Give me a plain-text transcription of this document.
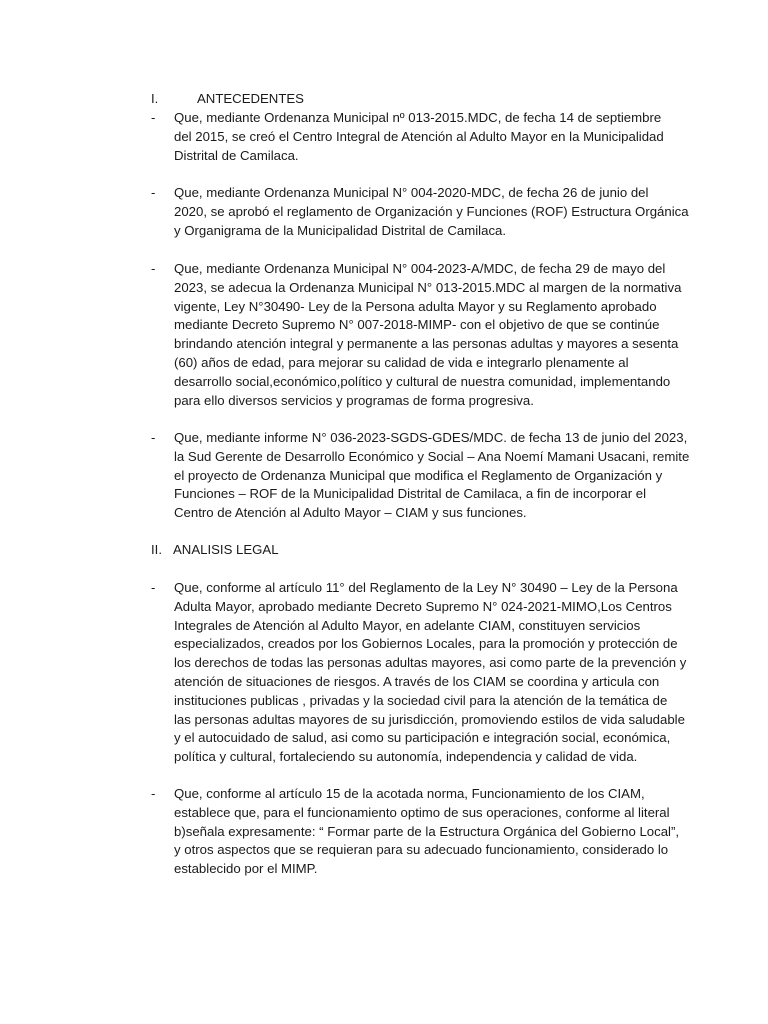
I.	ANTECEDENTES
- Que, mediante Ordenanza Municipal nº 013-2015.MDC, de fecha 14 de septiembre
del 2015, se creó el Centro Integral de Atención al Adulto Mayor en la Municipalidad
Distrital de Camilaca.
- Que, mediante Ordenanza Municipal N° 004-2020-MDC, de fecha 26 de junio del
2020, se aprobó el reglamento de Organización y Funciones (ROF) Estructura Orgánica
y Organigrama de la Municipalidad Distrital de Camilaca.
- Que, mediante Ordenanza Municipal N° 004-2023-A/MDC, de fecha 29 de mayo del
2023, se adecua la Ordenanza Municipal N° 013-2015.MDC al margen de la normativa
vigente, Ley N°30490- Ley de la Persona adulta Mayor y su Reglamento aprobado
mediante Decreto Supremo N° 007-2018-MIMP- con el objetivo de que se continúe
brindando atención integral y permanente a las personas adultas y mayores a sesenta
(60) años de edad, para mejorar su calidad de vida e integrarlo plenamente al
desarrollo social,económico,político y cultural de nuestra comunidad, implementando
para ello diversos servicios y programas de forma progresiva.
- Que, mediante informe N° 036-2023-SGDS-GDES/MDC. de fecha 13 de junio del 2023,
la Sud Gerente de Desarrollo Económico y Social – Ana Noemí Mamani Usacani, remite
el proyecto de Ordenanza Municipal que modifica el Reglamento de Organización y
Funciones – ROF de la Municipalidad Distrital de Camilaca, a fin de incorporar el
Centro de Atención al Adulto Mayor – CIAM y sus funciones.
II. ANALISIS LEGAL
- Que, conforme al artículo 11° del Reglamento de la Ley N° 30490 – Ley de la Persona
Adulta Mayor, aprobado mediante Decreto Supremo N° 024-2021-MIMO,Los Centros
Integrales de Atención al Adulto Mayor, en adelante CIAM, constituyen servicios
especializados, creados por los Gobiernos Locales, para la promoción y protección de
los derechos de todas las personas adultas mayores, asi como parte de la prevención y
atención de situaciones de riesgos. A través de los CIAM se coordina y articula con
instituciones publicas , privadas y la sociedad civil para la atención de la temática de
las personas adultas mayores de su jurisdicción, promoviendo estilos de vida saludable
y el autocuidado de salud, asi como su participación e integración social, económica,
política y cultural, fortaleciendo su autonomía, independencia y calidad de vida.
- Que, conforme al artículo 15 de la acotada norma, Funcionamiento de los CIAM,
establece que, para el funcionamiento optimo de sus operaciones, conforme al literal
b)señala expresamente: “ Formar parte de la Estructura Orgánica del Gobierno Local”,
y otros aspectos que se requieran para su adecuado funcionamiento, considerado lo
establecido por el MIMP.
